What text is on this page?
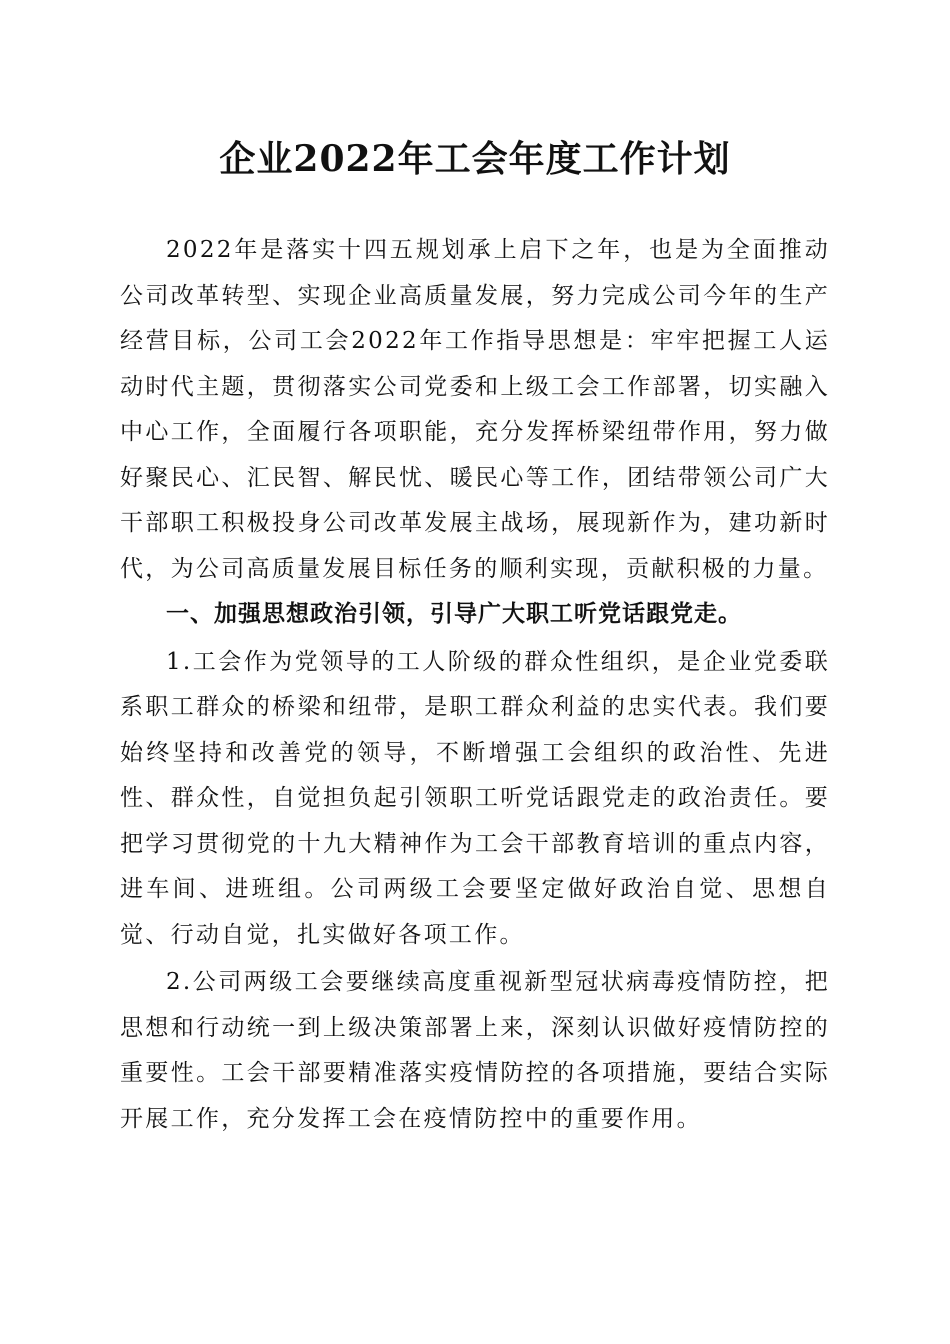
企业2022年工会年度工作计划

2022年是落实十四五规划承上启下之年，也是为全面推动公司改革转型、实现企业高质量发展，努力完成公司今年的生产经营目标，公司工会2022年工作指导思想是：牢牢把握工人运动时代主题，贯彻落实公司党委和上级工会工作部署，切实融入中心工作，全面履行各项职能，充分发挥桥梁纽带作用，努力做好聚民心、汇民智、解民忧、暖民心等工作，团结带领公司广大干部职工积极投身公司改革发展主战场，展现新作为，建功新时代，为公司高质量发展目标任务的顺利实现，贡献积极的力量。

一、加强思想政治引领，引导广大职工听党话跟党走。

1.工会作为党领导的工人阶级的群众性组织，是企业党委联系职工群众的桥梁和纽带，是职工群众利益的忠实代表。我们要始终坚持和改善党的领导，不断增强工会组织的政治性、先进性、群众性，自觉担负起引领职工听党话跟党走的政治责任。要把学习贯彻党的十九大精神作为工会干部教育培训的重点内容，进车间、进班组。公司两级工会要坚定做好政治自觉、思想自觉、行动自觉，扎实做好各项工作。

2.公司两级工会要继续高度重视新型冠状病毒疫情防控，把思想和行动统一到上级决策部署上来，深刻认识做好疫情防控的重要性。工会干部要精准落实疫情防控的各项措施，要结合实际开展工作，充分发挥工会在疫情防控中的重要作用。
